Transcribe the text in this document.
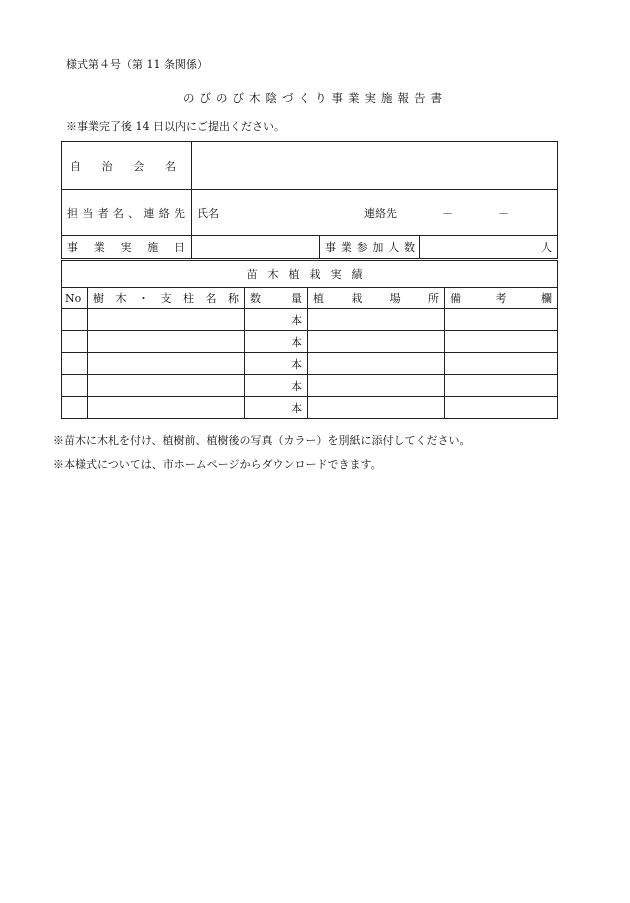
様式第４号（第 11 条関係）
のびのび木陰づくり事業実施報告書
※事業完了後 14 日以内にご提出ください。
自治会名			

担当者名、連絡先	氏名 連絡先 － －		

事業実施日		事業参加人数	人
苗木植栽実績				
No	樹木・支柱名称	数量	植栽場所	備考欄

		本		
		本		
		本		
		本		
		本		
※苗木に木札を付け、植樹前、植樹後の写真（カラー）を別紙に添付してください。
※本様式については、市ホームページからダウンロードできます。
